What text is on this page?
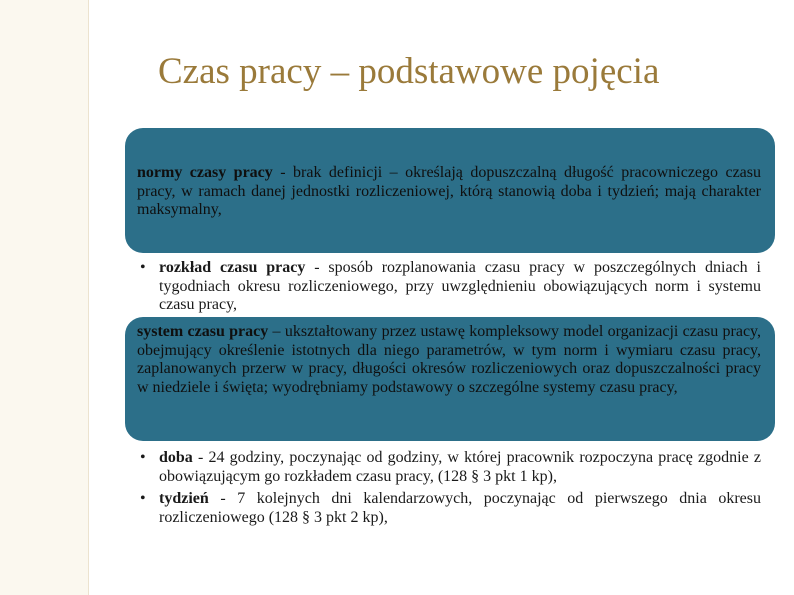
Czas pracy – podstawowe pojęcia
normy czasy pracy - brak definicji – określają dopuszczalną długość pracowniczego czasu pracy, w ramach danej jednostki rozliczeniowej, którą stanowią doba i tydzień; mają charakter maksymalny,
• rozkład czasu pracy - sposób rozplanowania czasu pracy w poszczególnych dniach i tygodniach okresu rozliczeniowego, przy uwzględnieniu obowiązujących norm i systemu czasu pracy,
system czasu pracy – ukształtowany przez ustawę kompleksowy model organizacji czasu pracy, obejmujący określenie istotnych dla niego parametrów, w tym norm i wymiaru czasu pracy, zaplanowanych przerw w pracy, długości okresów rozliczeniowych oraz dopuszczalności pracy w niedziele i święta; wyodrębniamy podstawowy o szczególne systemy czasu pracy,
• doba - 24 godziny, poczynając od godziny, w której pracownik rozpoczyna pracę zgodnie z obowiązującym go rozkładem czasu pracy, (128 § 3 pkt 1 kp),
• tydzień - 7 kolejnych dni kalendarzowych, poczynając od pierwszego dnia okresu rozliczeniowego (128 § 3 pkt 2 kp),
